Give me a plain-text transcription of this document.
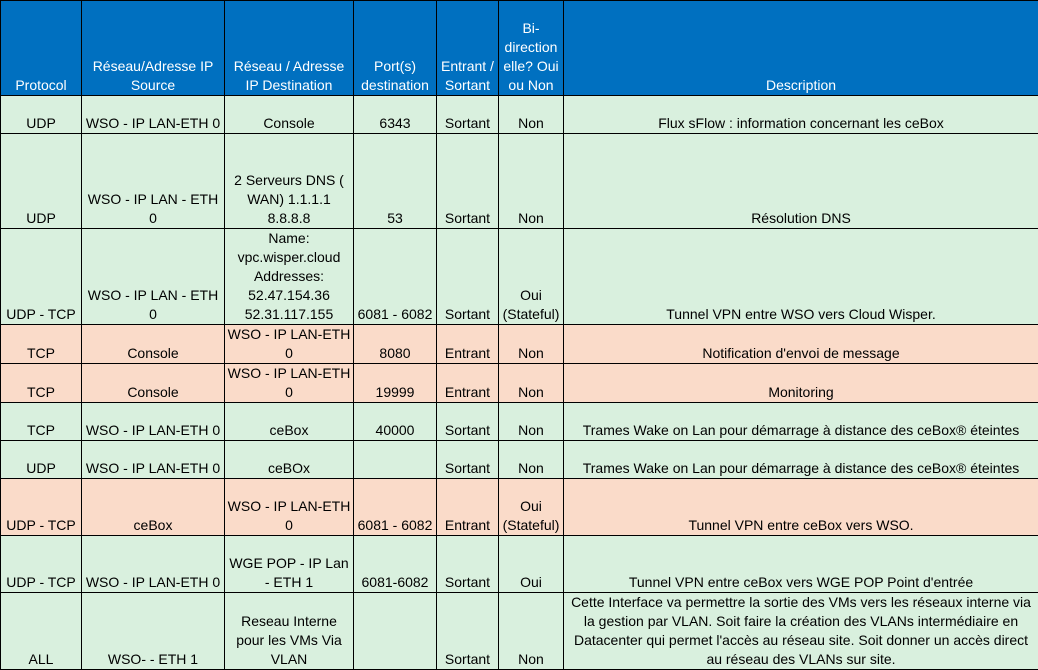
Protocol	Réseau/Adresse IP Source	Réseau / Adresse IP Destination	Port(s) destination	Entrant / Sortant	Bi-directionelle? Oui ou Non	Description
UDP	WSO - IP LAN-ETH 0	Console	6343	Sortant	Non	Flux sFlow : information concernant les ceBox
UDP	WSO - IP LAN - ETH 0	2 Serveurs DNS ( WAN) 1.1.1.1 8.8.8.8	53	Sortant	Non	Résolution DNS
UDP - TCP	WSO - IP LAN - ETH 0	Name: vpc.wisper.cloud Addresses: 52.47.154.36 52.31.117.155	6081 - 6082	Sortant	Oui (Stateful)	Tunnel VPN entre WSO vers Cloud Wisper.
TCP	Console	WSO - IP LAN-ETH 0	8080	Entrant	Non	Notification d'envoi de message
TCP	Console	WSO - IP LAN-ETH 0	19999	Entrant	Non	Monitoring
TCP	WSO - IP LAN-ETH 0	ceBox	40000	Sortant	Non	Trames Wake on Lan pour démarrage à distance des ceBox® éteintes
UDP	WSO - IP LAN-ETH 0	ceBOx		Sortant	Non	Trames Wake on Lan pour démarrage à distance des ceBox® éteintes
UDP - TCP	ceBox	WSO - IP LAN-ETH 0	6081 - 6082	Entrant	Oui (Stateful)	Tunnel VPN entre ceBox vers WSO.
UDP - TCP	WSO - IP LAN-ETH 0	WGE POP - IP Lan - ETH 1	6081-6082	Sortant	Oui	Tunnel VPN entre ceBox vers WGE POP Point d'entrée
ALL	WSO- - ETH 1	Reseau Interne pour les VMs Via VLAN		Sortant	Non	Cette Interface va permettre la sortie des VMs vers les réseaux interne via la gestion par VLAN. Soit faire la création des VLANs intermédiaire en Datacenter qui permet l'accès au réseau site. Soit donner un accès direct au réseau des VLANs sur site.
